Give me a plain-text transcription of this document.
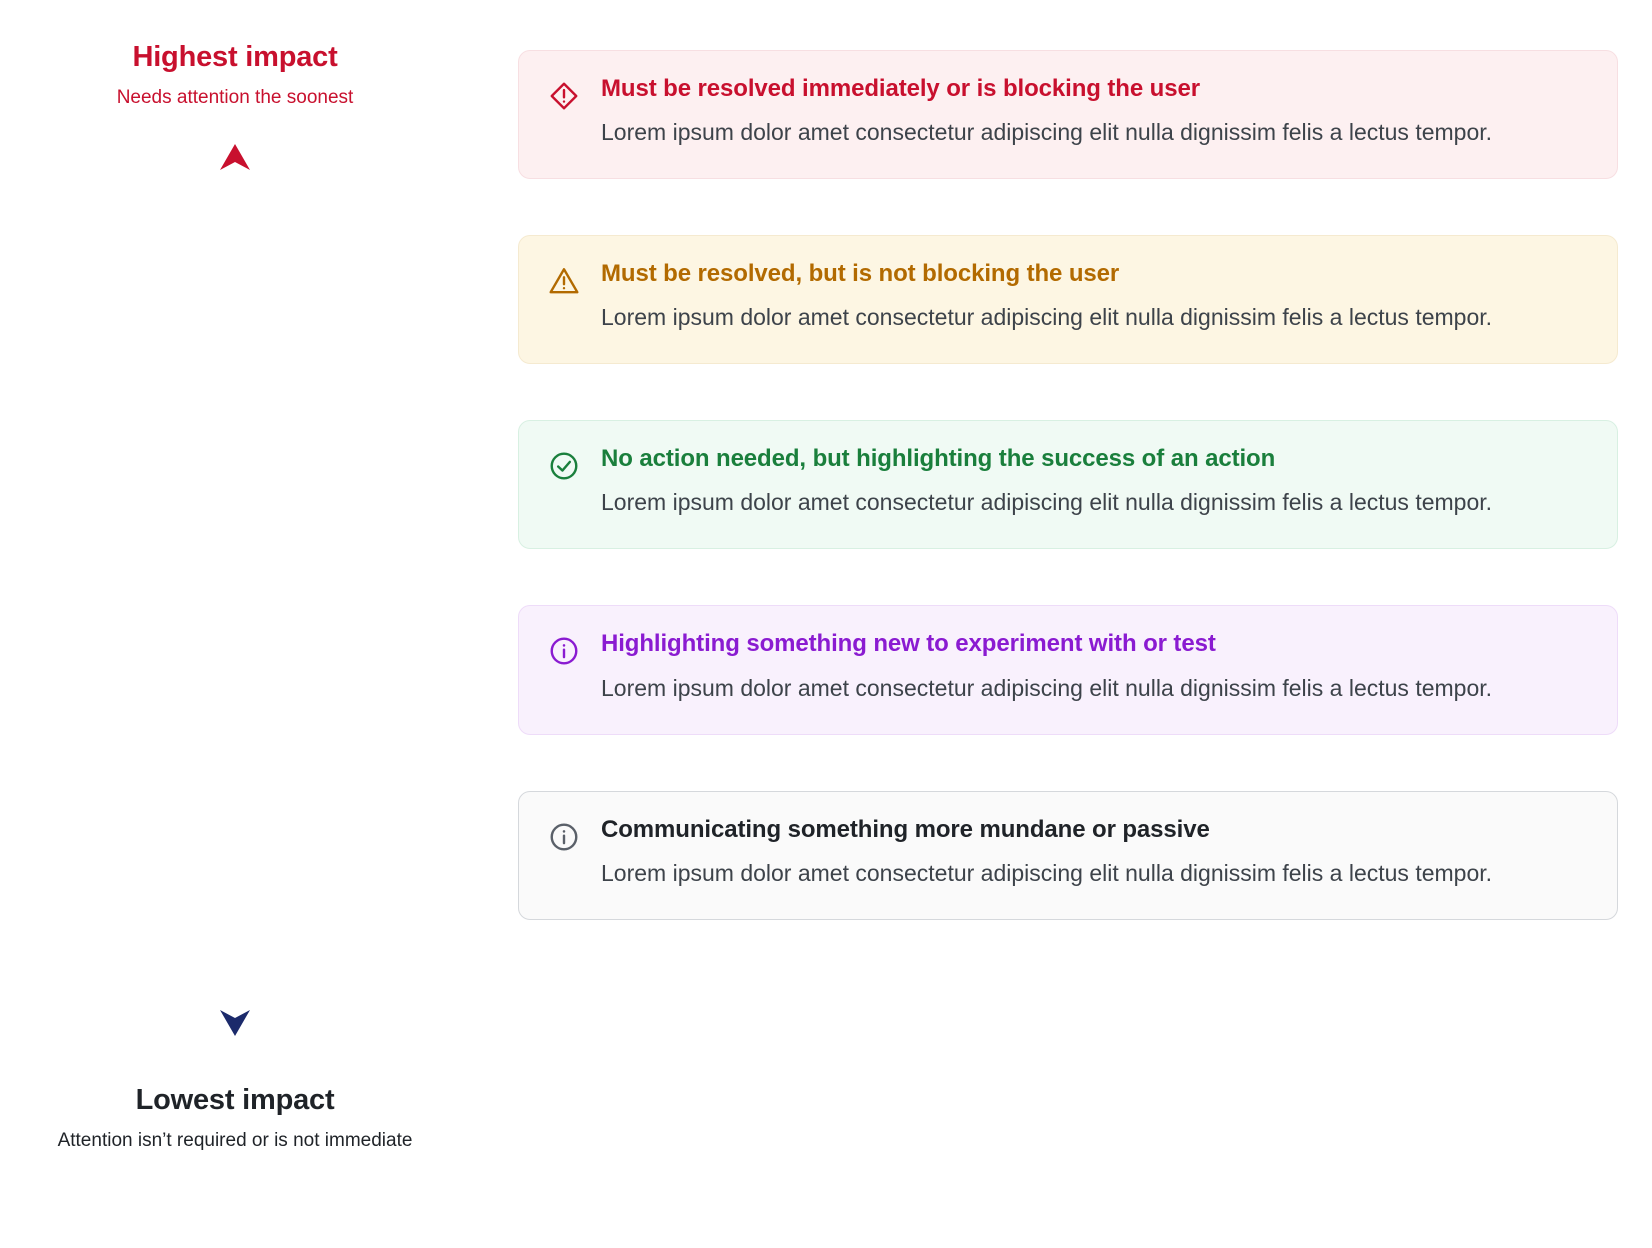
Highest impact
Needs attention the soonest
Lowest impact
Attention isn’t required or is not immediate

Must be resolved immediately or is blocking the user

Lorem ipsum dolor amet consectetur adipiscing elit nulla dignissim felis a lectus tempor.

Must be resolved, but is not blocking the user

Lorem ipsum dolor amet consectetur adipiscing elit nulla dignissim felis a lectus tempor.

No action needed, but highlighting the success of an action

Lorem ipsum dolor amet consectetur adipiscing elit nulla dignissim felis a lectus tempor.

Highlighting something new to experiment with or test

Lorem ipsum dolor amet consectetur adipiscing elit nulla dignissim felis a lectus tempor.

Communicating something more mundane or passive

Lorem ipsum dolor amet consectetur adipiscing elit nulla dignissim felis a lectus tempor.
